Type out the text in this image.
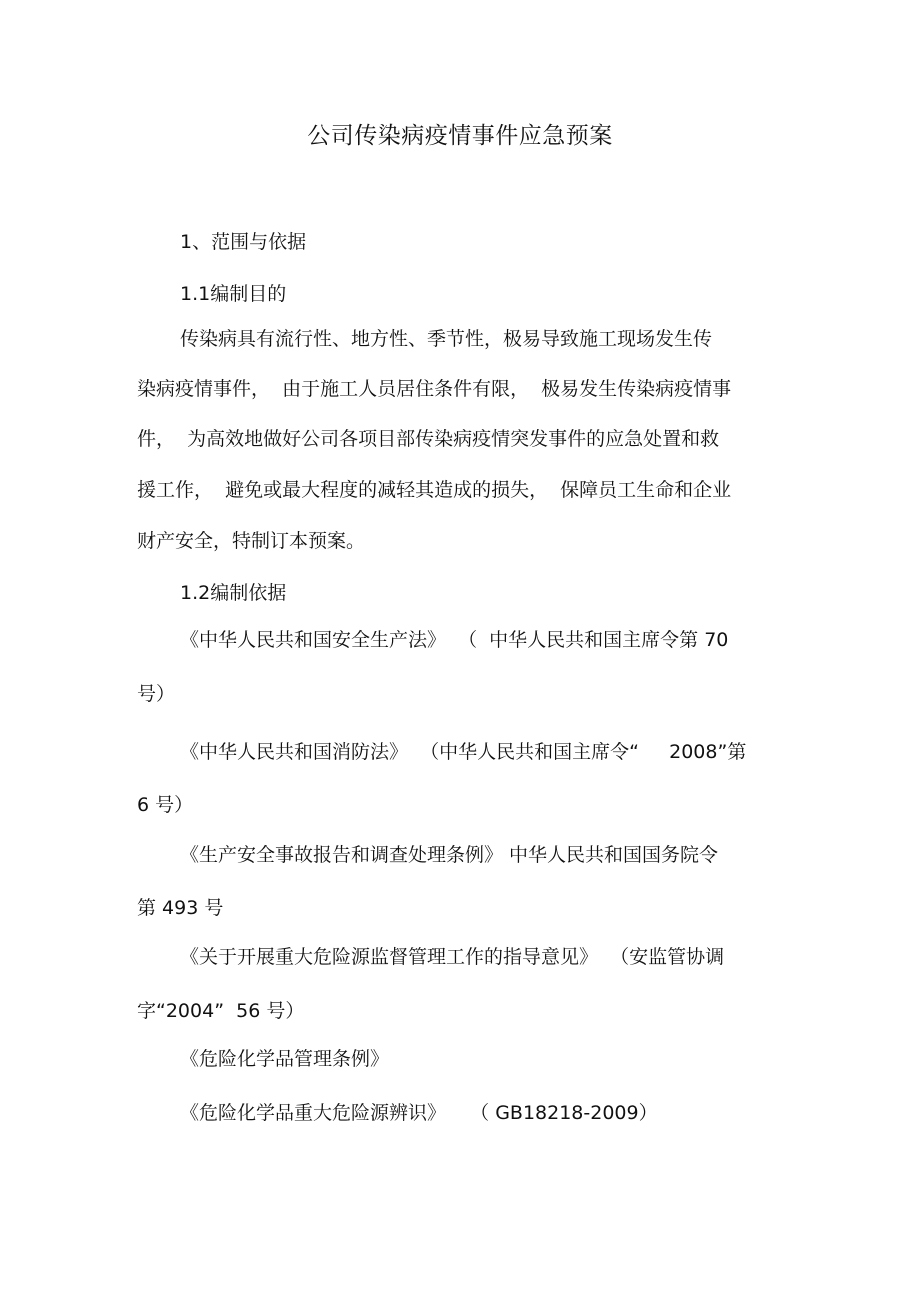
公司传染病疫情事件应急预案

1、范围与依据

1.1编制目的

传染病具有流行性、地方性、季节性，极易导致施工现场发生传

染病疫情事件，  由于施工人员居住条件有限，  极易发生传染病疫情事

件，  为高效地做好公司各项目部传染病疫情突发事件的应急处置和救

援工作，  避免或最大程度的减轻其造成的损失，  保障员工生命和企业

财产安全，特制订本预案。

1.2编制依据

《中华人民共和国安全生产法》  （  中华人民共和国主席令第 70

号）

《中华人民共和国消防法》  （中华人民共和国主席令“     2008”第

6 号）

《生产安全事故报告和调查处理条例》 中华人民共和国国务院令

第 493 号

《关于开展重大危险源监督管理工作的指导意见》  （安监管协调

字“2004”  56 号）

《危险化学品管理条例》

《危险化学品重大危险源辨识》    （ GB18218-2009）
